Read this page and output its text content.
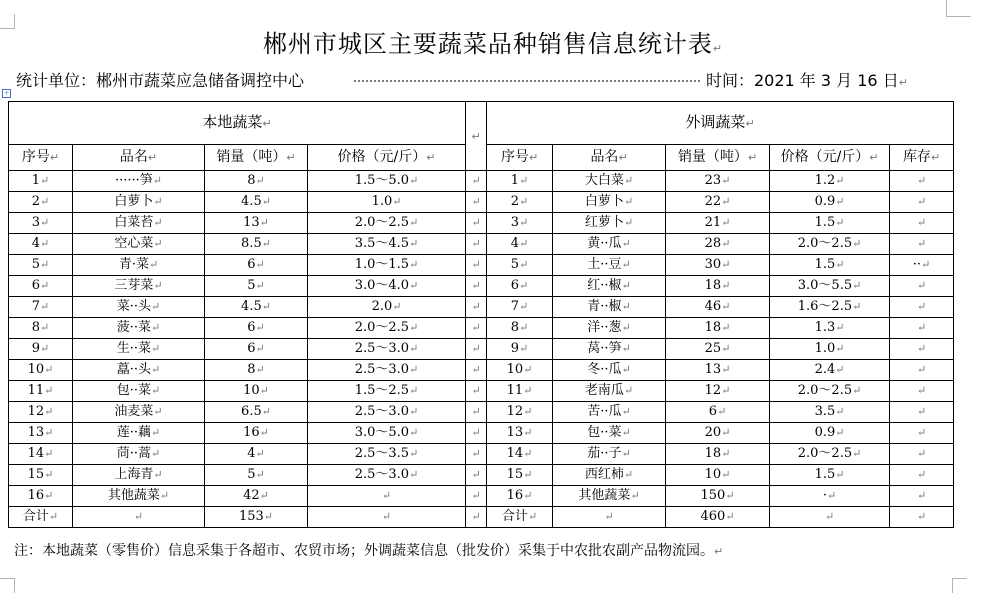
+
郴州市城区主要蔬菜品种销售信息统计表↵
统计单位：郴州市蔬菜应急储备调控中心	时间：2021 年 3 月 16 日↵
本地蔬菜↵				↵	外调蔬菜↵				
序号↵	品名↵	销量（吨）↵	价格（元/斤）↵		序号↵	品名↵	销量（吨）↵	价格（元/斤）↵	库存↵
1↵	······笋↵	8↵	1.5～5.0↵	↵	1↵	大白菜↵	23↵	1.2↵	↵
2↵	白萝卜↵	4.5↵	1.0↵	↵	2↵	白萝卜↵	22↵	0.9↵	↵
3↵	白菜苔↵	13↵	2.0～2.5↵	↵	3↵	红萝卜↵	21↵	1.5↵	↵
4↵	空心菜↵	8.5↵	3.5～4.5↵	↵	4↵	黄··瓜↵	28↵	2.0～2.5↵	↵
5↵	青·菜↵	6↵	1.0～1.5↵	↵	5↵	土··豆↵	30↵	1.5↵	··↵
6↵	三芽菜↵	5↵	3.0～4.0↵	↵	6↵	红··椒↵	18↵	3.0～5.5↵	↵
7↵	菜··头↵	4.5↵	2.0↵	↵	7↵	青··椒↵	46↵	1.6～2.5↵	↵
8↵	菠··菜↵	6↵	2.0～2.5↵	↵	8↵	洋··葱↵	18↵	1.3↵	↵
9↵	生··菜↵	6↵	2.5～3.0↵	↵	9↵	莴··笋↵	25↵	1.0↵	↵
10↵	藠··头↵	8↵	2.5～3.0↵	↵	10↵	冬··瓜↵	13↵	2.4↵	↵
11↵	包··菜↵	10↵	1.5～2.5↵	↵	11↵	老南瓜↵	12↵	2.0～2.5↵	↵
12↵	油麦菜↵	6.5↵	2.5～3.0↵	↵	12↵	苦··瓜↵	6↵	3.5↵	↵
13↵	莲··藕↵	16↵	3.0～5.0↵	↵	13↵	包··菜↵	20↵	0.9↵	↵
14↵	茼··蒿↵	4↵	2.5～3.5↵	↵	14↵	茄··子↵	18↵	2.0～2.5↵	↵
15↵	上海青↵	5↵	2.5～3.0↵	↵	15↵	西红柿↵	10↵	1.5↵	↵
16↵	其他蔬菜↵	42↵	↵	↵	16↵	其他蔬菜↵	150↵	·↵	↵
合计↵	↵	153↵	↵	↵	合计↵	↵	460↵	↵	↵
注：本地蔬菜（零售价）信息采集于各超市、农贸市场；外调蔬菜信息（批发价）采集于中农批农副产品物流园。↵
